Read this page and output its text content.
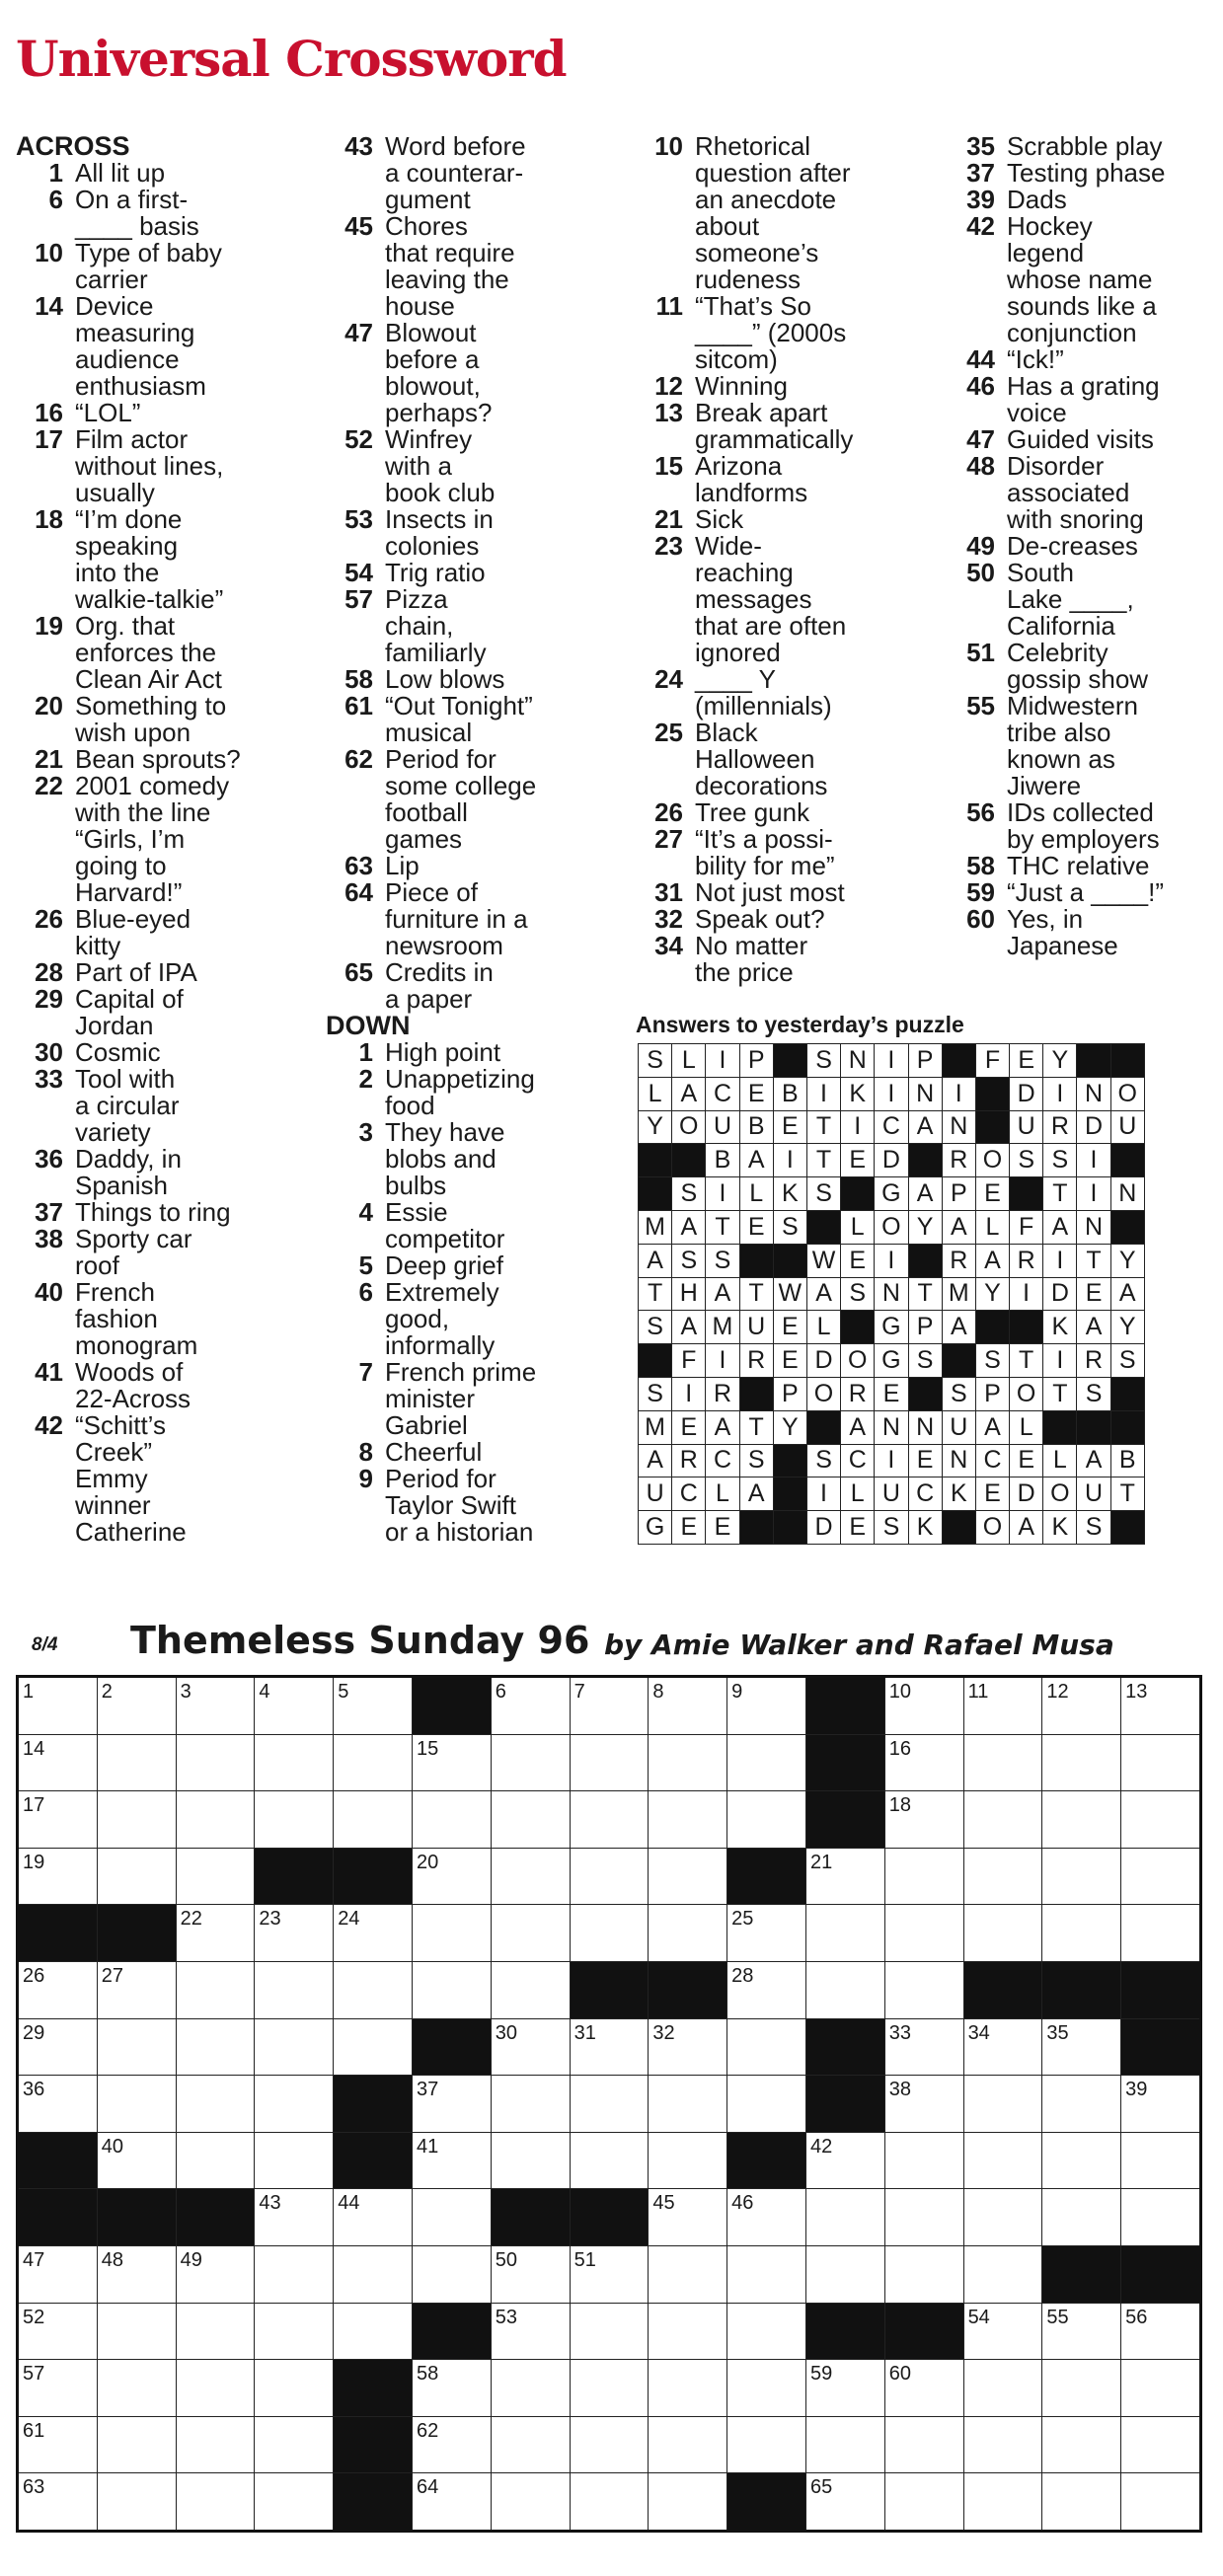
Universal Crossword
ACROSS
1 All lit up
6 On a first-
____ basis
10 Type of baby
carrier
14 Device
measuring
audience
enthusiasm
16 “LOL”
17 Film actor
without lines,
usually
18 “I’m done
speaking
into the
walkie-talkie”
19 Org. that
enforces the
Clean Air Act
20 Something to
wish upon
21 Bean sprouts?
22 2001 comedy
with the line
“Girls, I’m
going to
Harvard!”
26 Blue-eyed
kitty
28 Part of IPA
29 Capital of
Jordan
30 Cosmic
33 Tool with
a circular
variety
36 Daddy, in
Spanish
37 Things to ring
38 Sporty car
roof
40 French
fashion
monogram
41 Woods of
22-Across
42 “Schitt’s
Creek”
Emmy
winner
Catherine
43 Word before
a counterar-
gument
45 Chores
that require
leaving the
house
47 Blowout
before a
blowout,
perhaps?
52 Winfrey
with a
book club
53 Insects in
colonies
54 Trig ratio
57 Pizza
chain,
familiarly
58 Low blows
61 “Out Tonight”
musical
62 Period for
some college
football
games
63 Lip
64 Piece of
furniture in a
newsroom
65 Credits in
a paper
DOWN
1 High point
2 Unappetizing
food
3 They have
blobs and
bulbs
4 Essie
competitor
5 Deep grief
6 Extremely
good,
informally
7 French prime
minister
Gabriel
8 Cheerful
9 Period for
Taylor Swift
or a historian
10 Rhetorical
question after
an anecdote
about
someone’s
rudeness
11 “That’s So
____” (2000s
sitcom)
12 Winning
13 Break apart
grammatically
15 Arizona
landforms
21 Sick
23 Wide-
reaching
messages
that are often
ignored
24 ____ Y
(millennials)
25 Black
Halloween
decorations
26 Tree gunk
27 “It’s a possi-
bility for me”
31 Not just most
32 Speak out?
34 No matter
the price
35 Scrabble play
37 Testing phase
39 Dads
42 Hockey
legend
whose name
sounds like a
conjunction
44 “Ick!”
46 Has a grating
voice
47 Guided visits
48 Disorder
associated
with snoring
49 De-creases
50 South
Lake ____,
California
51 Celebrity
gossip show
55 Midwestern
tribe also
known as
Jiwere
56 IDs collected
by employers
58 THC relative
59 “Just a ____!”
60 Yes, in
Japanese
Answers to yesterday’s puzzle
S	L	I	P		S	N	I	P		F	E	Y		
L	A	C	E	B	I	K	I	N	I		D	I	N	O
Y	O	U	B	E	T	I	C	A	N		U	R	D	U
		B	A	I	T	E	D		R	O	S	S	I	
	S	I	L	K	S		G	A	P	E		T	I	N
M	A	T	E	S		L	O	Y	A	L	F	A	N	
A	S	S			W	E	I		R	A	R	I	T	Y
T	H	A	T	W	A	S	N	T	M	Y	I	D	E	A
S	A	M	U	E	L		G	P	A			K	A	Y
	F	I	R	E	D	O	G	S		S	T	I	R	S
S	I	R		P	O	R	E		S	P	O	T	S	
M	E	A	T	Y		A	N	N	U	A	L			
A	R	C	S		S	C	I	E	N	C	E	L	A	B
U	C	L	A		I	L	U	C	K	E	D	O	U	T
G	E	E			D	E	S	K		O	A	K	S	
8/4 Themeless Sunday 96 by Amie Walker and Rafael Musa
1	2	3	4	5		6	7	8	9		10	11	12	13

14					15						16			

17											18			

19					20					21				

		22	23	24					25					

26	27								28					

29						30	31	32			33	34	35	

36					37						38			39

	40				41					42				

			43	44				45	46					

47	48	49				50	51							

52						53						54	55	56

57					58					59	60			

61					62									

63					64					65				
